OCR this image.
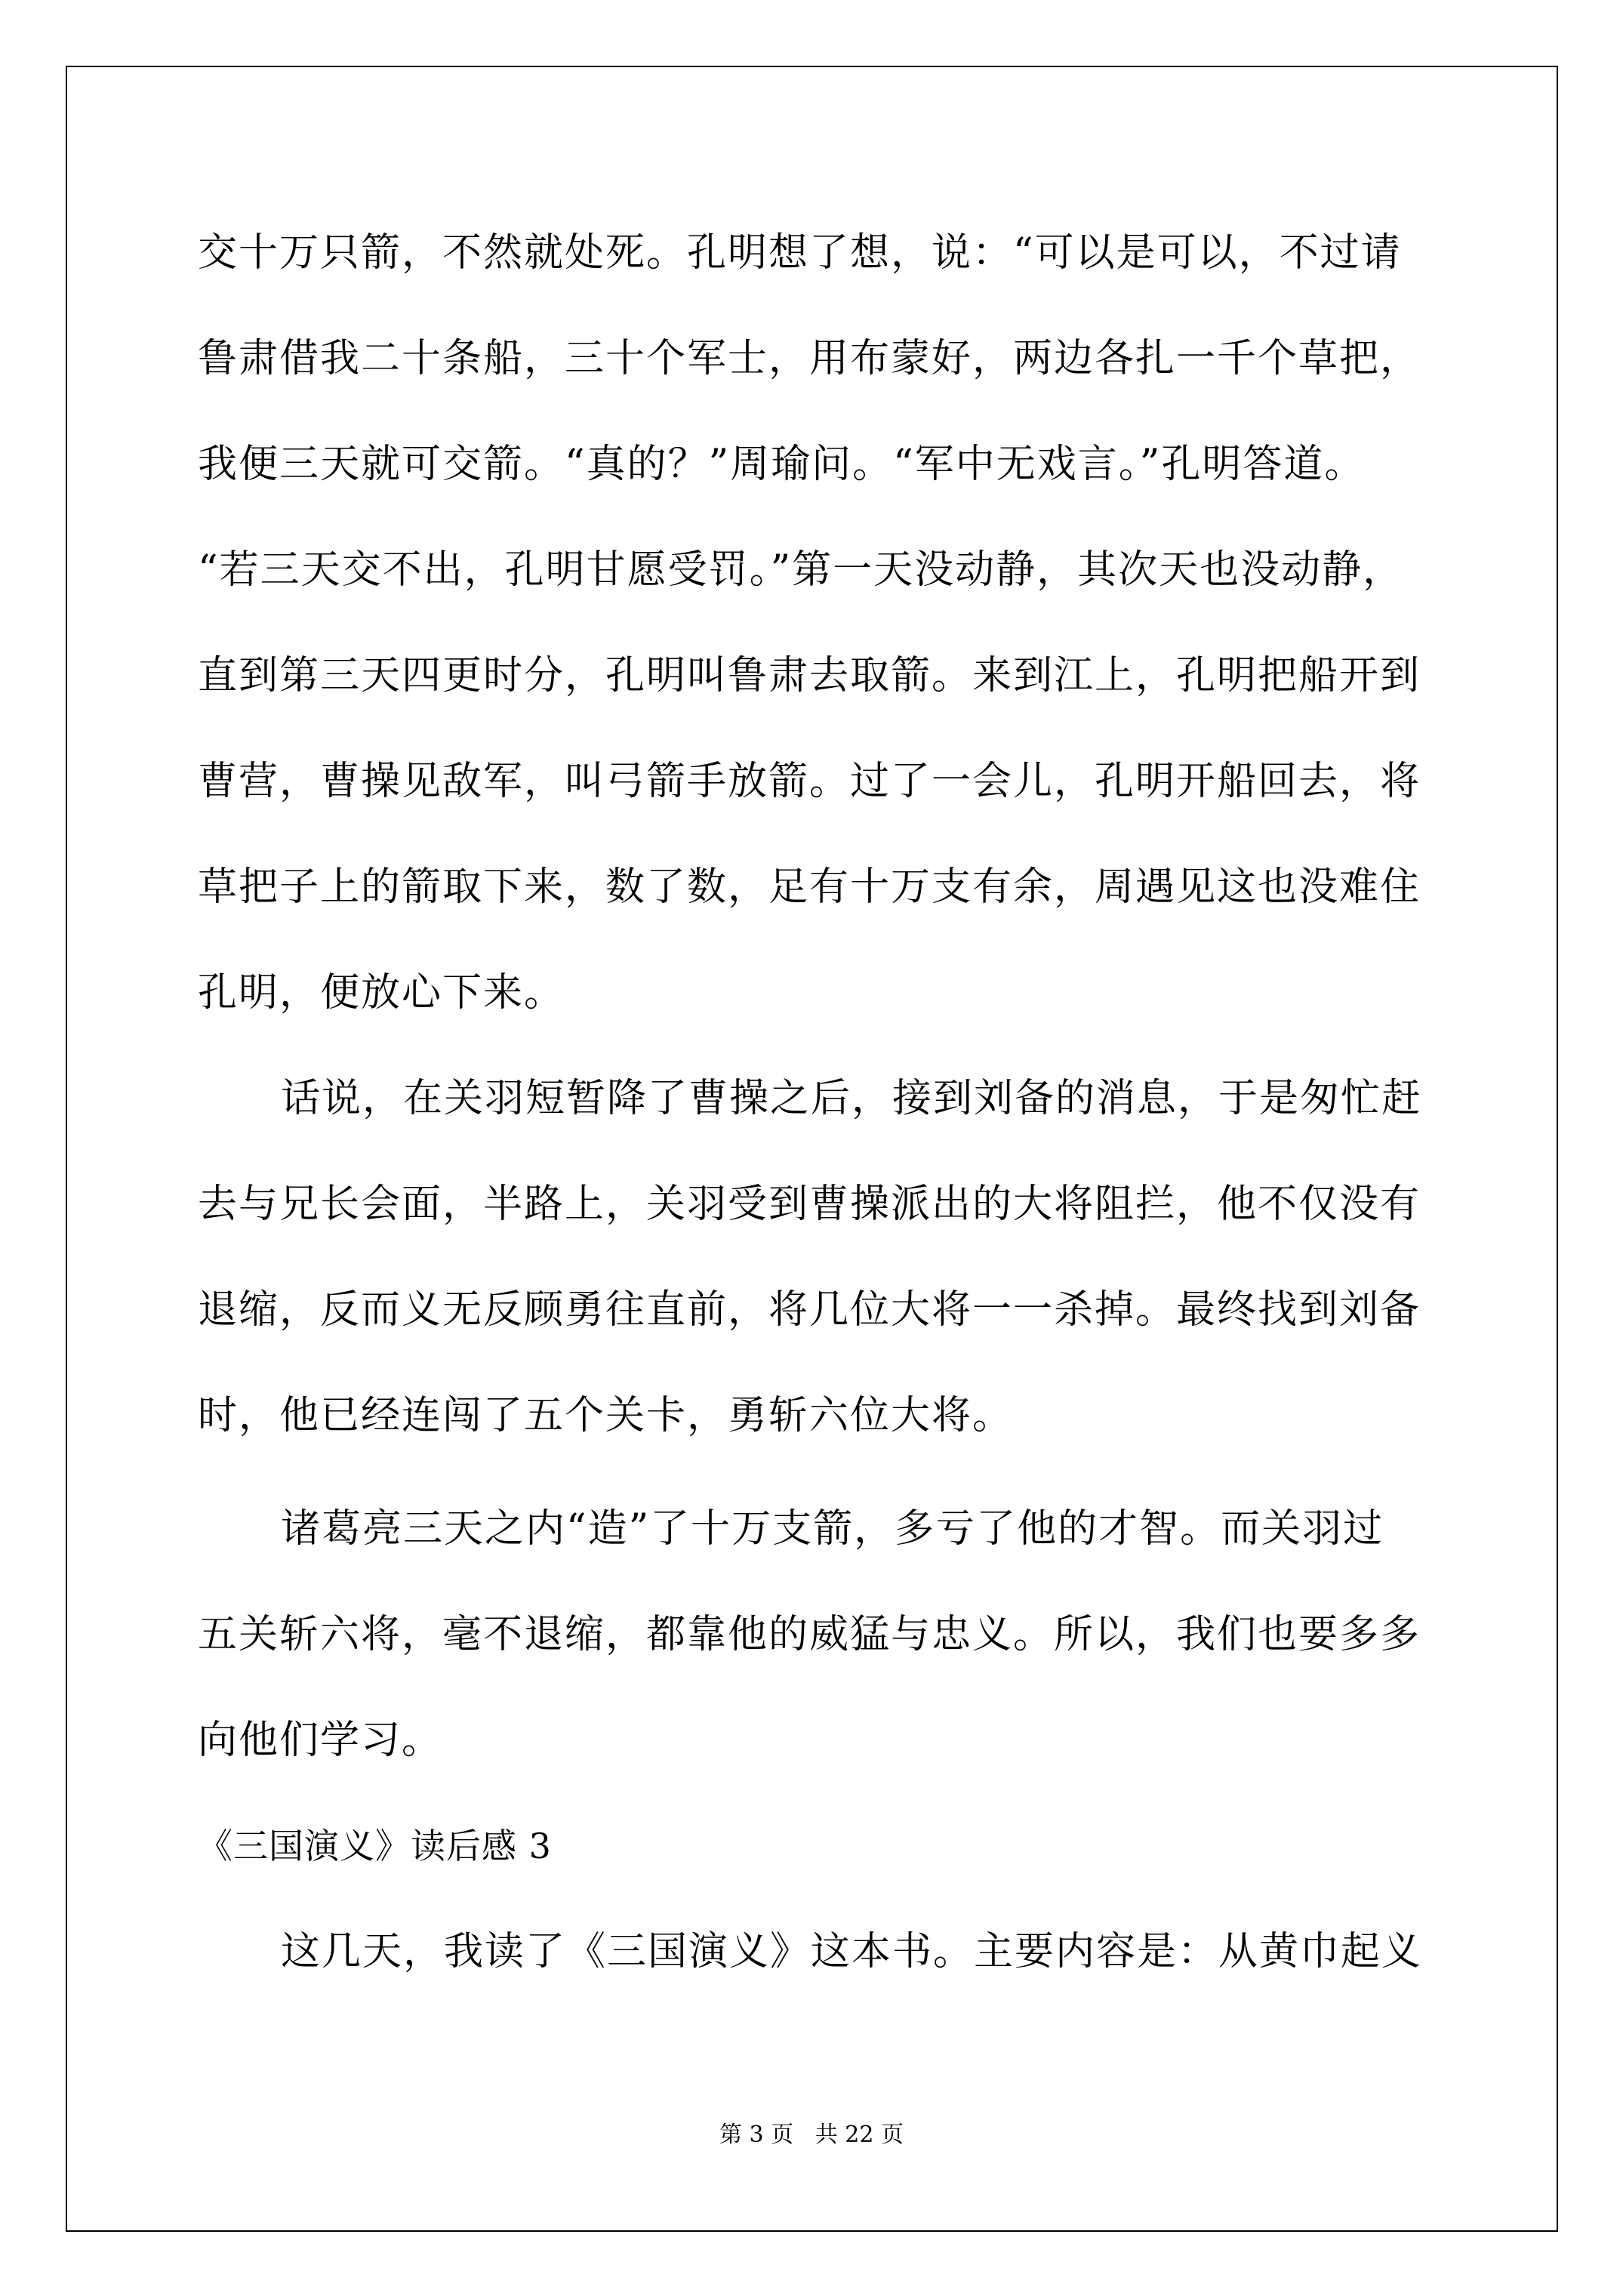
交十万只箭，不然就处死。孔明想了想，说：“可以是可以，不过请
鲁肃借我二十条船，三十个军士，用布蒙好，两边各扎一千个草把，
我便三天就可交箭。“真的？”周瑜问。“军中无戏言。”孔明答道。
“若三天交不出，孔明甘愿受罚。”第一天没动静，其次天也没动静，
直到第三天四更时分，孔明叫鲁肃去取箭。来到江上，孔明把船开到
曹营，曹操见敌军，叫弓箭手放箭。过了一会儿，孔明开船回去，将
草把子上的箭取下来，数了数，足有十万支有余，周遇见这也没难住
孔明，便放心下来。
话说，在关羽短暂降了曹操之后，接到刘备的消息，于是匆忙赶
去与兄长会面，半路上，关羽受到曹操派出的大将阻拦，他不仅没有
退缩，反而义无反顾勇往直前，将几位大将一一杀掉。最终找到刘备
时，他已经连闯了五个关卡，勇斩六位大将。
诸葛亮三天之内“造”了十万支箭，多亏了他的才智。而关羽过
五关斩六将，毫不退缩，都靠他的威猛与忠义。所以，我们也要多多
向他们学习。
《三国演义》读后感 3
这几天，我读了《三国演义》这本书。主要内容是：从黄巾起义
第 3 页   共 22 页
